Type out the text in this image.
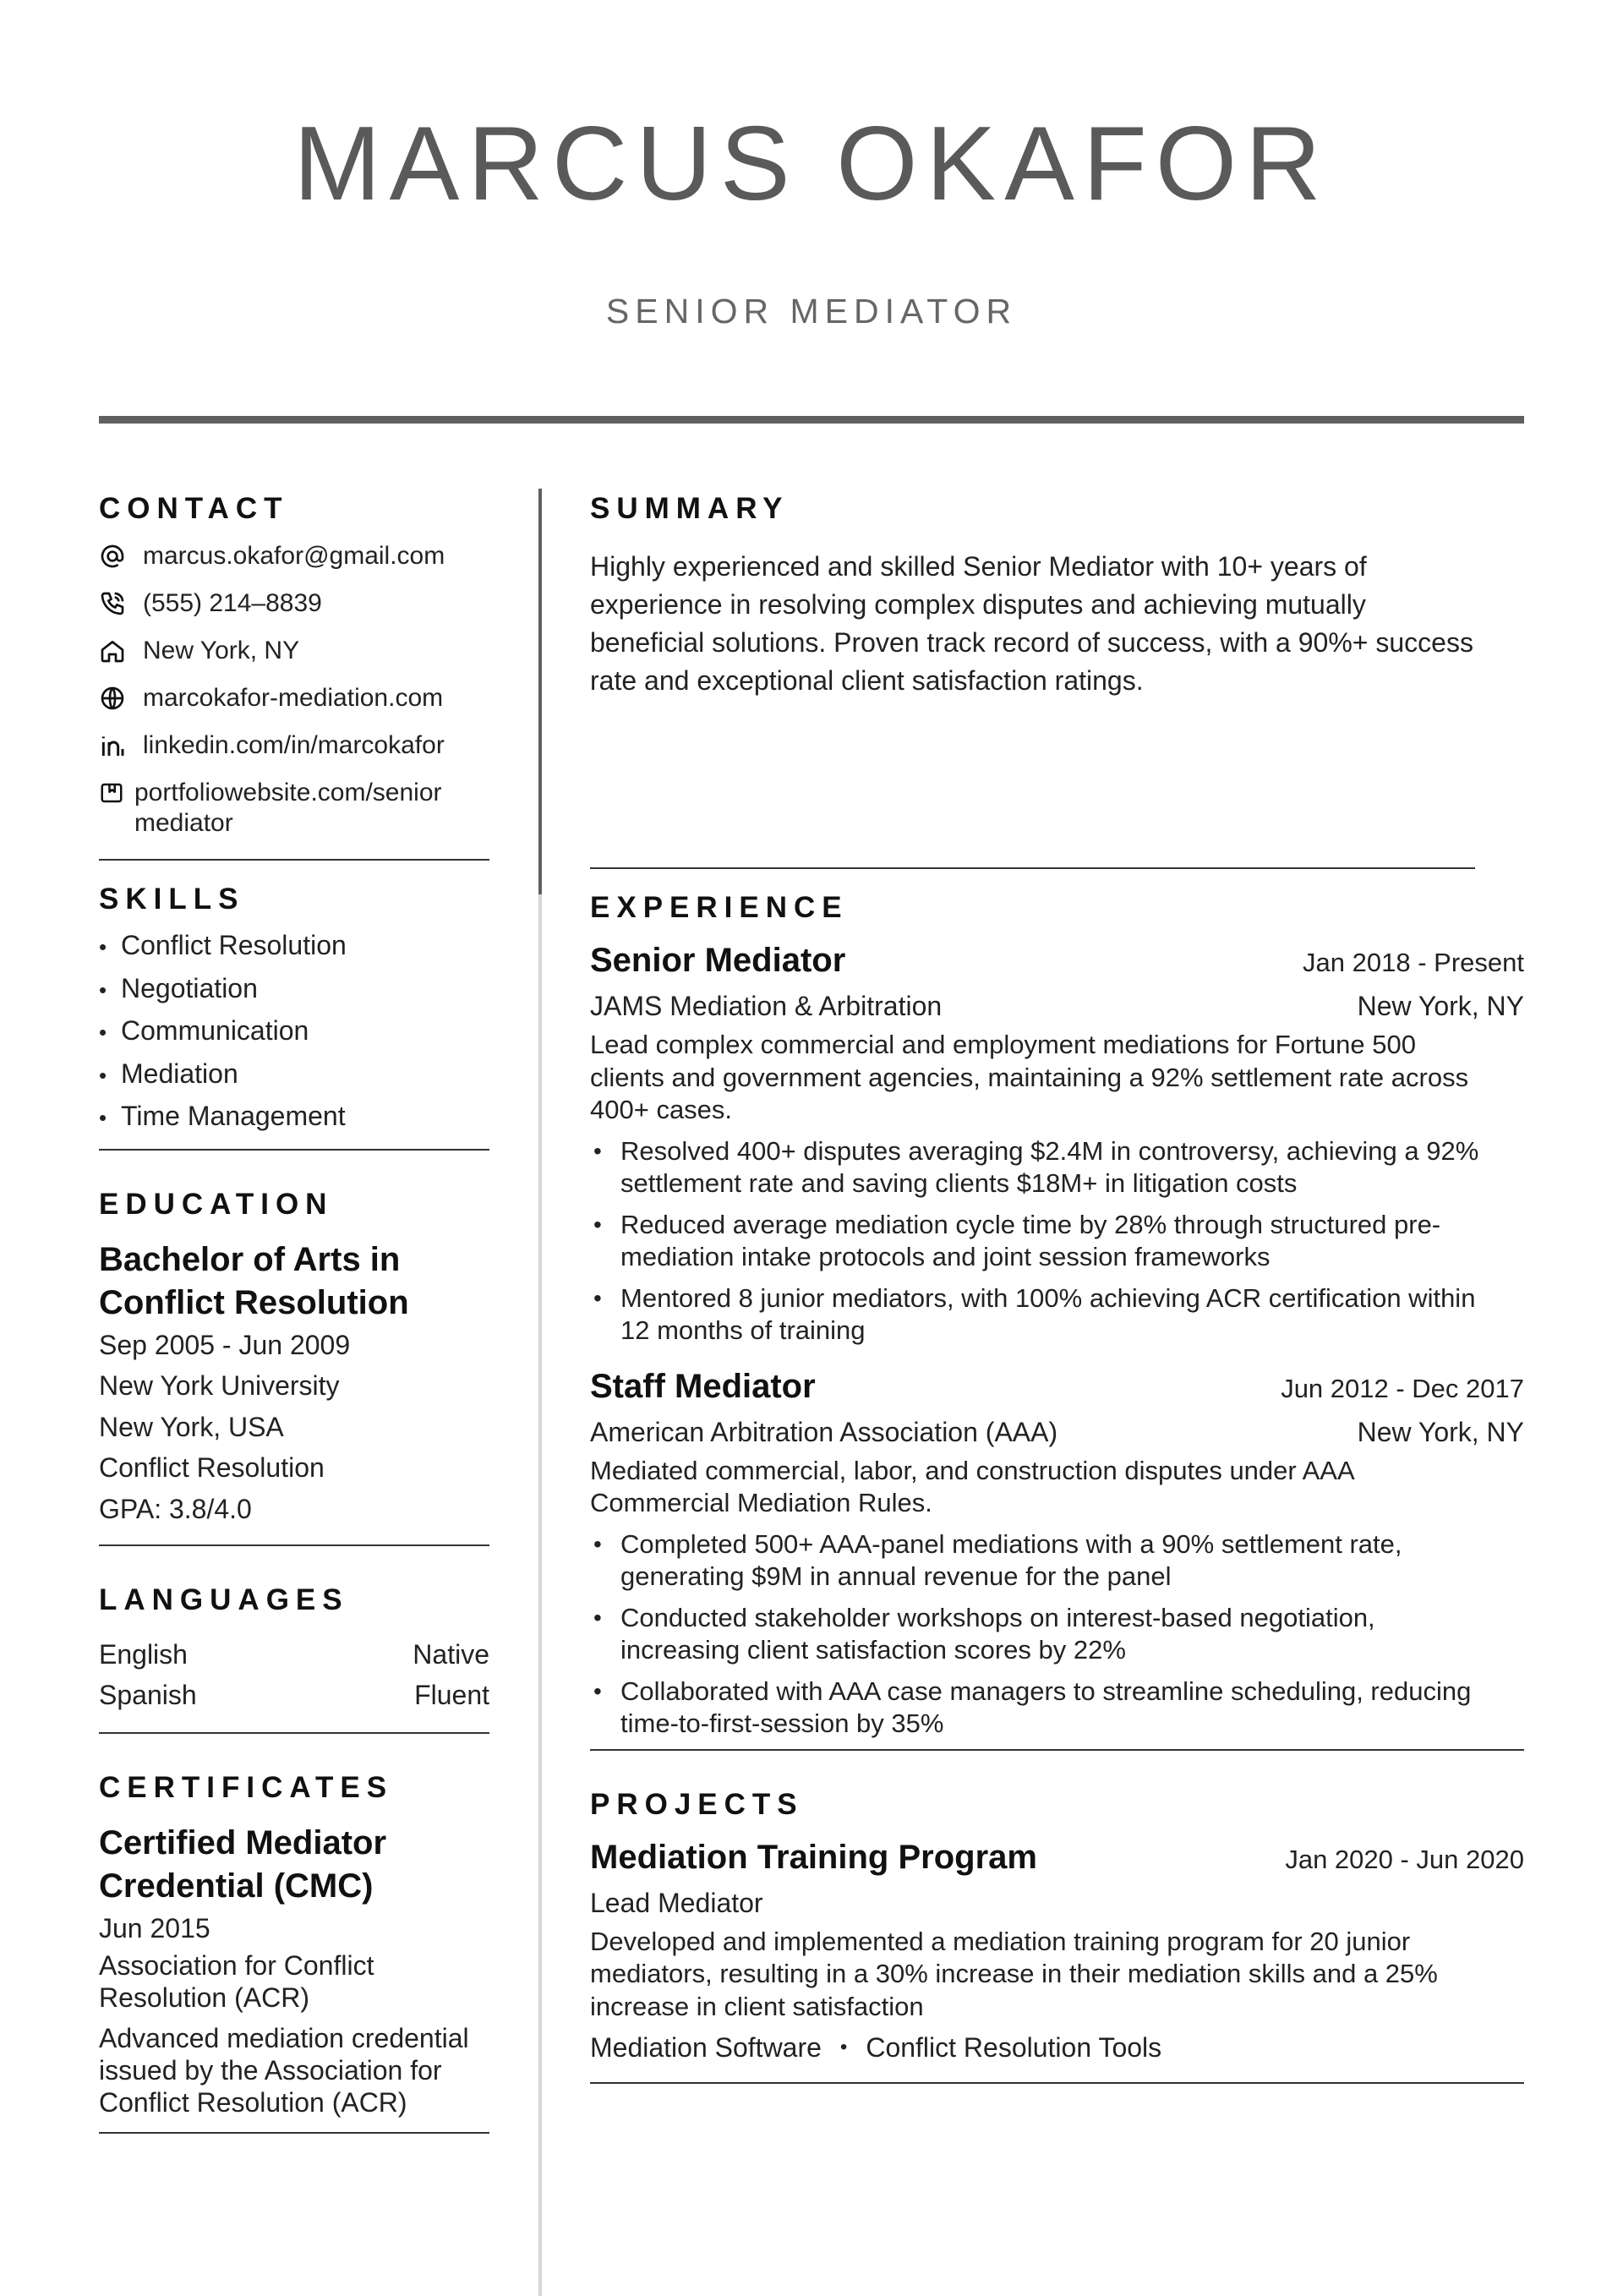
MARCUS OKAFOR
SENIOR MEDIATOR
CONTACT
marcus.okafor@gmail.com
(555) 214–8839
New York, NY
marcokafor-mediation.com
linkedin.com/in/marcokafor
portfoliowebsite.com/senior
mediator
SKILLS
• Conflict Resolution
• Negotiation
• Communication
• Mediation
• Time Management
EDUCATION
Bachelor of Arts in
Conflict Resolution
Sep 2005 - Jun 2009
New York University
New York, USA
Conflict Resolution
GPA: 3.8/4.0
LANGUAGES
English	Native
Spanish	Fluent
CERTIFICATES
Certified Mediator
Credential (CMC)
Jun 2015
Association for Conflict
Resolution (ACR)
Advanced mediation credential
issued by the Association for
Conflict Resolution (ACR)
SUMMARY
Highly experienced and skilled Senior Mediator with 10+ years of
experience in resolving complex disputes and achieving mutually
beneficial solutions. Proven track record of success, with a 90%+ success
rate and exceptional client satisfaction ratings.
EXPERIENCE
Senior Mediator	Jan 2018 - Present
JAMS Mediation & Arbitration	New York, NY
Lead complex commercial and employment mediations for Fortune 500
clients and government agencies, maintaining a 92% settlement rate across
400+ cases.
• Resolved 400+ disputes averaging $2.4M in controversy, achieving a 92%
settlement rate and saving clients $18M+ in litigation costs
• Reduced average mediation cycle time by 28% through structured pre-
mediation intake protocols and joint session frameworks
• Mentored 8 junior mediators, with 100% achieving ACR certification within
12 months of training
Staff Mediator	Jun 2012 - Dec 2017
American Arbitration Association (AAA)	New York, NY
Mediated commercial, labor, and construction disputes under AAA
Commercial Mediation Rules.
• Completed 500+ AAA-panel mediations with a 90% settlement rate,
generating $9M in annual revenue for the panel
• Conducted stakeholder workshops on interest-based negotiation,
increasing client satisfaction scores by 22%
• Collaborated with AAA case managers to streamline scheduling, reducing
time-to-first-session by 35%
PROJECTS
Mediation Training Program	Jan 2020 - Jun 2020
Lead Mediator
Developed and implemented a mediation training program for 20 junior
mediators, resulting in a 30% increase in their mediation skills and a 25%
increase in client satisfaction
Mediation Software • Conflict Resolution Tools
